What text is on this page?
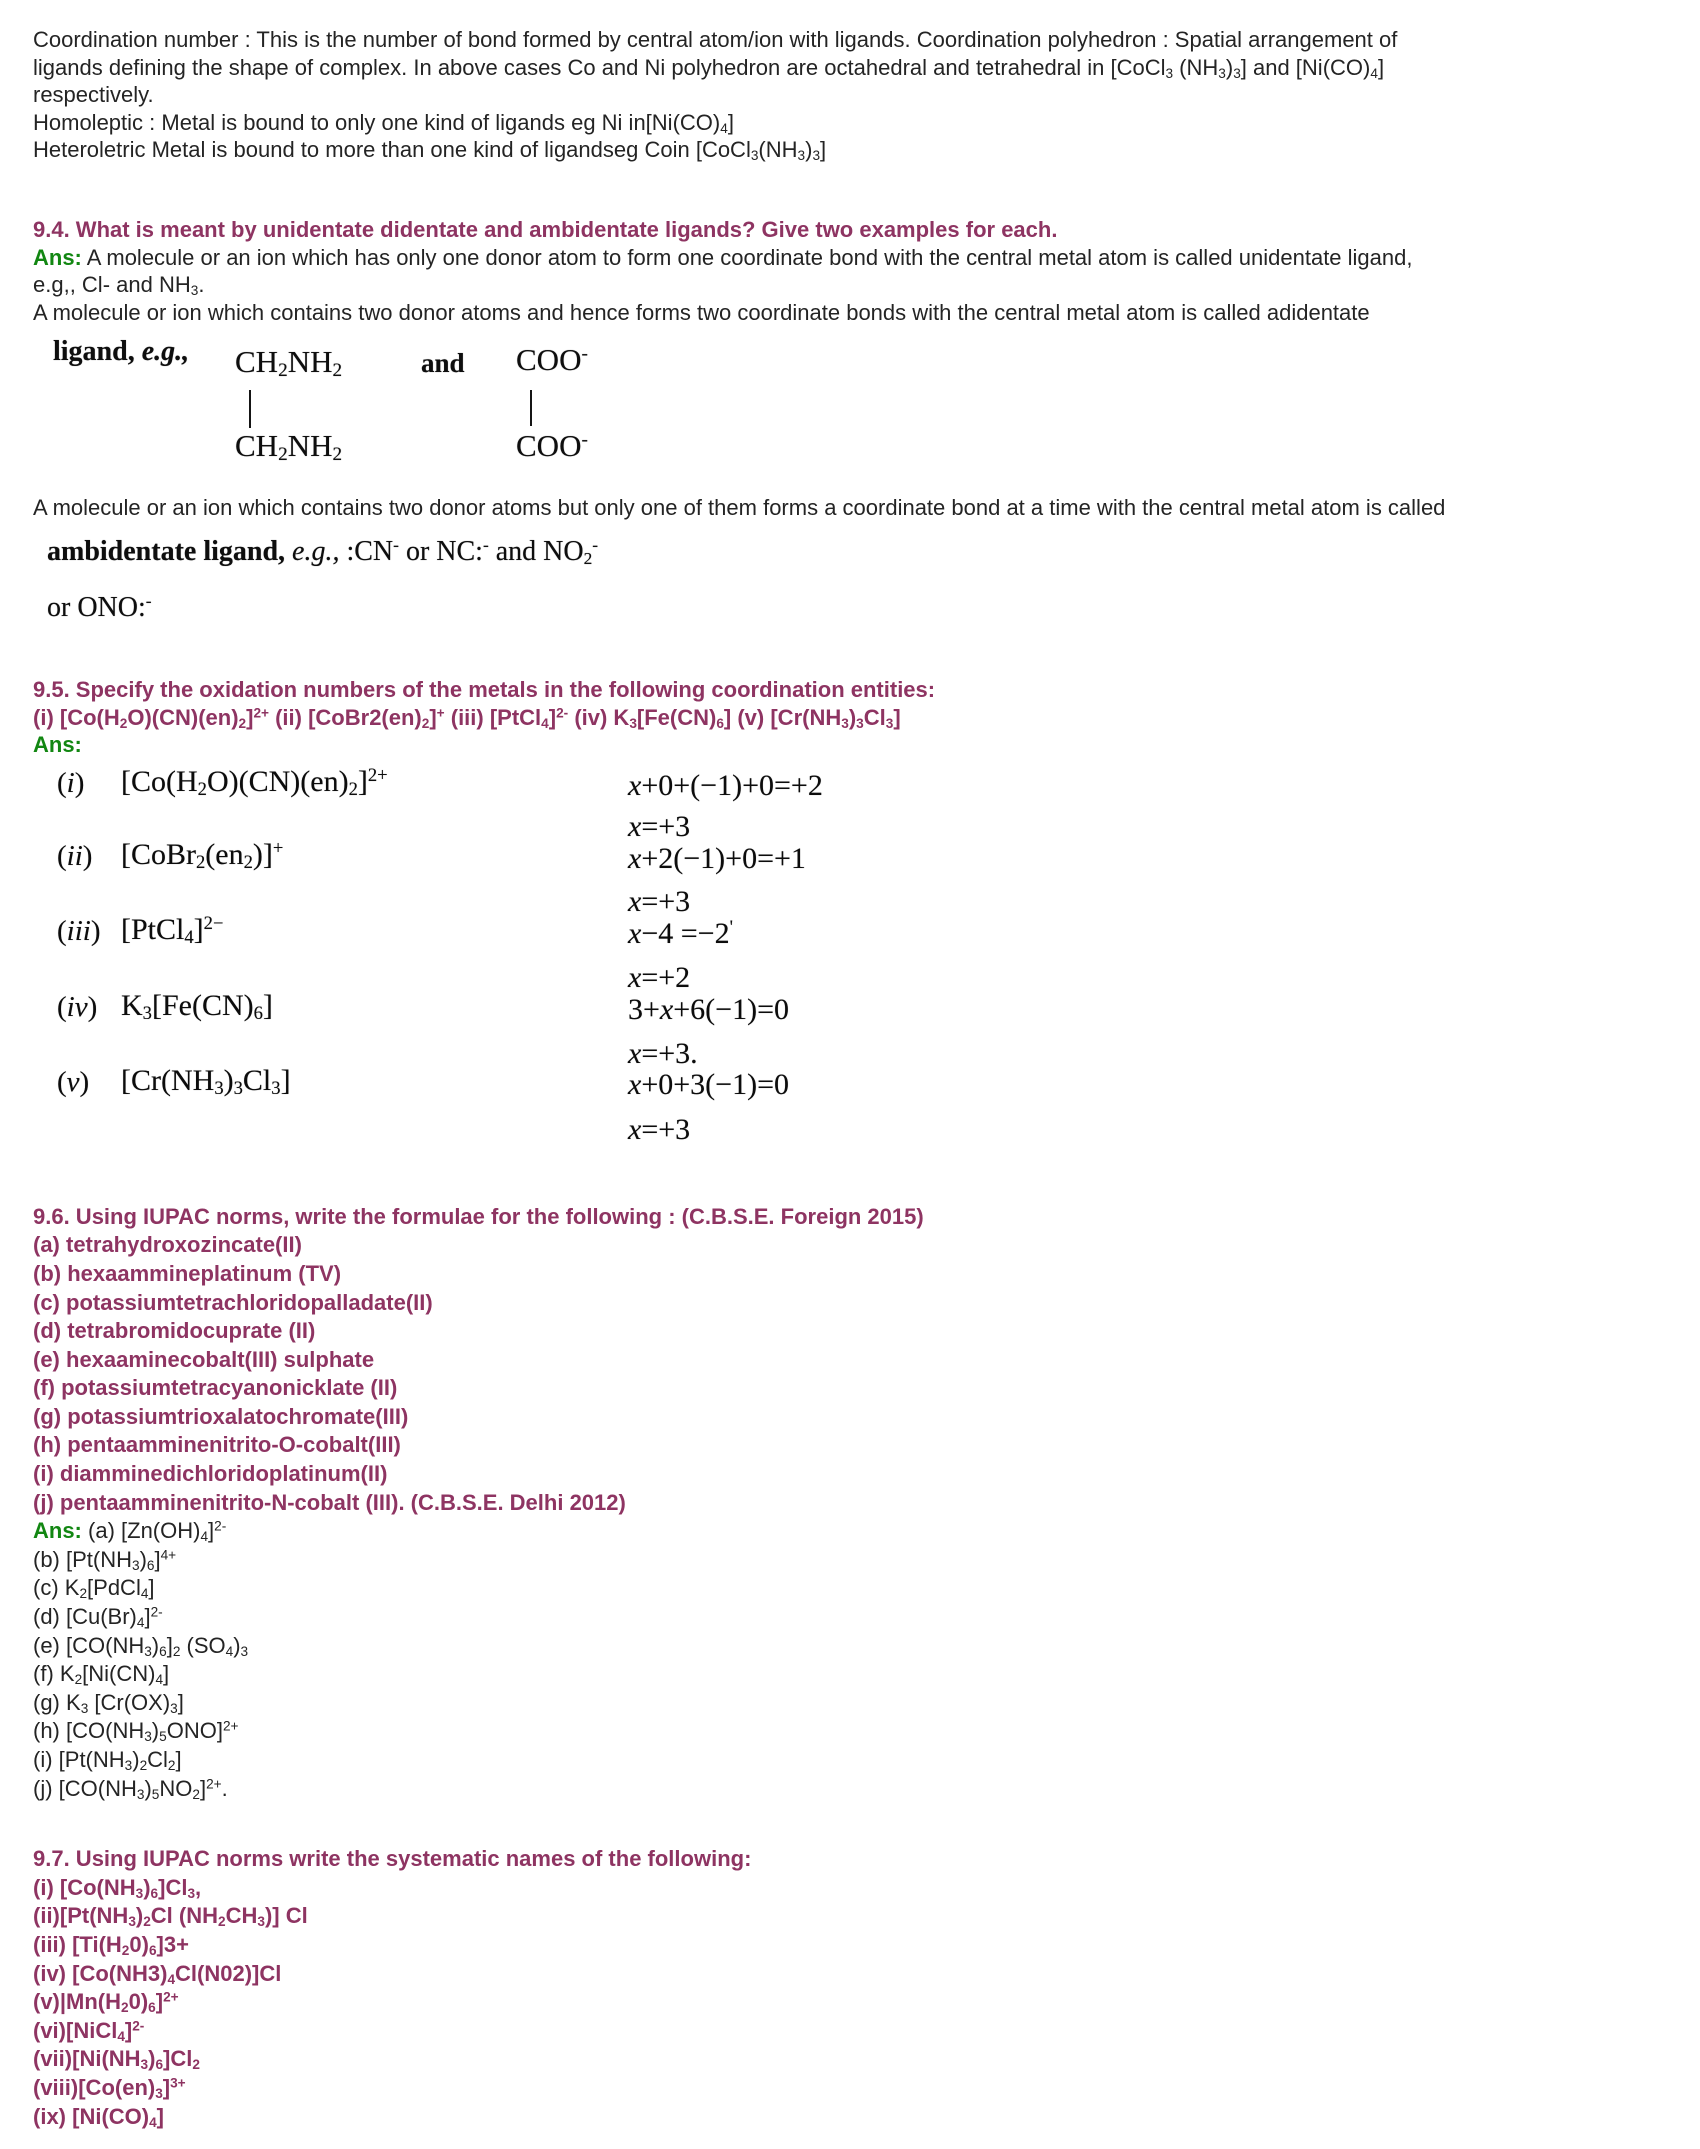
Coordination number : This is the number of bond formed by central atom/ion with ligands. Coordination polyhedron : Spatial arrangement of
ligands defining the shape of complex. In above cases Co and Ni polyhedron are octahedral and tetrahedral in [CoCl$_3$ $(NH_3)_3$] and $[Ni(CO)_4]$
respectively.
Homoleptic : Metal is bound to only one kind of ligands eg Ni $in[Ni(CO)_4]$
Heteroletric Metal is bound to more than one kind of ligandseg Coin $[CoCl_3(NH_3)_3]$
9.4. What is meant by unidentate didentate and ambidentate ligands? Give two examples for each.
Ans: A molecule or an ion which has only one donor atom to form one coordinate bond with the central metal atom is called unidentate ligand,
e.g,, Cl- and $NH_3$.
A molecule or ion which contains two donor atoms and hence forms two coordinate bonds with the central metal atom is called adidentate
ligand, e.g., $CH_2NH_2$
$CH_2NH_2$
and COO-
COO-
A molecule or an ion which contains two donor atoms but only one of them forms a coordinate bond at a time with the central metal atom is called
ambidentate ligand, e.g., :CN- or NC:- and $NO_2^-$
or ONO:-
9.5. Specify the oxidation numbers of the metals in the following coordination entities:
(i) $[Co(H_2O)(CN)(en)_2]^{2+}$ (ii) $[CoBr2(en)_2]^+$ (iii) [PtCl$_4$]$^{2-}$ (iv) $K_3[Fe(CN)_6]$ (v) $[Cr(NH_3)_3Cl_3]$
Ans:
(i) $[Co(H_2O)(CN)(en)_2]^{2+}$	x+0+(−1)+0=+2
x=+3
(ii) $[CoBr_2(en_2)]^+$	x+2(−1)+0=+1
x=+3
(iii) [PtCl$_4$]$^{2-}$	x−4 =−2'
x=+2
(iv) $K_3[Fe(CN)_6]$	3+x+6(−1)=0
x=+3.
(v) $[Cr(NH_3)_3Cl_3]$	x+0+3(−1)=0
x=+3
9.6. Using IUPAC norms, write the formulae for the following : (C.B.S.E. Foreign 2015)
(a) tetrahydroxozincate(II)
(b) hexaammineplatinum (TV)
(c) potassiumtetrachloridopalladate(II)
(d) tetrabromidocuprate (II)
(e) hexaaminecobalt(III) sulphate
(f) potassiumtetracyanonicklate (II)
(g) potassiumtrioxalatochromate(III)
(h) pentaamminenitrito-O-cobalt(III)
(i) diamminedichloridoplatinum(II)
(j) pentaamminenitrito-N-cobalt (III). (C.B.S.E. Delhi 2012)
Ans: (a) $[Zn(OH)_4]^{2-}$
(b) $[Pt(NH_3)_6]^{4+}$
(c) $K_2[PdCl_4]$
(d) $[Cu(Br)_4]^{2-}$
(e) $[CO(NH_3)_6]_2$ $(SO_4)_3$
(f) $K_2[Ni(CN)_4]$
(g) $K_3$ $[Cr(OX)_3]$
(h) $[CO(NH_3)_5ONO]^{2+}$
(i) $[Pt(NH_3)_2Cl_2]$
(j) $[CO(NH_3)_5NO_2]^{2+}$.
9.7. Using IUPAC norms write the systematic names of the following:
(i) $[Co(NH_3)_6]Cl_3$,
$(ii)[Pt(NH_3)_2Cl$ $(NH_2CH_3)$] Cl
(iii) $[Ti(H_20)_6]3+$
(iv) $[Co(NH3)_4Cl(N02)]Cl$
$(v)|Mn(H_20)_6]^{2+}$
(vi)[NiCl$_4$]$^{2-}$
$(vii)[Ni(NH_3)_6]Cl_2$
$(viii)[Co(en)_3]^{3+}$
(ix) $[Ni(CO)_4]$
